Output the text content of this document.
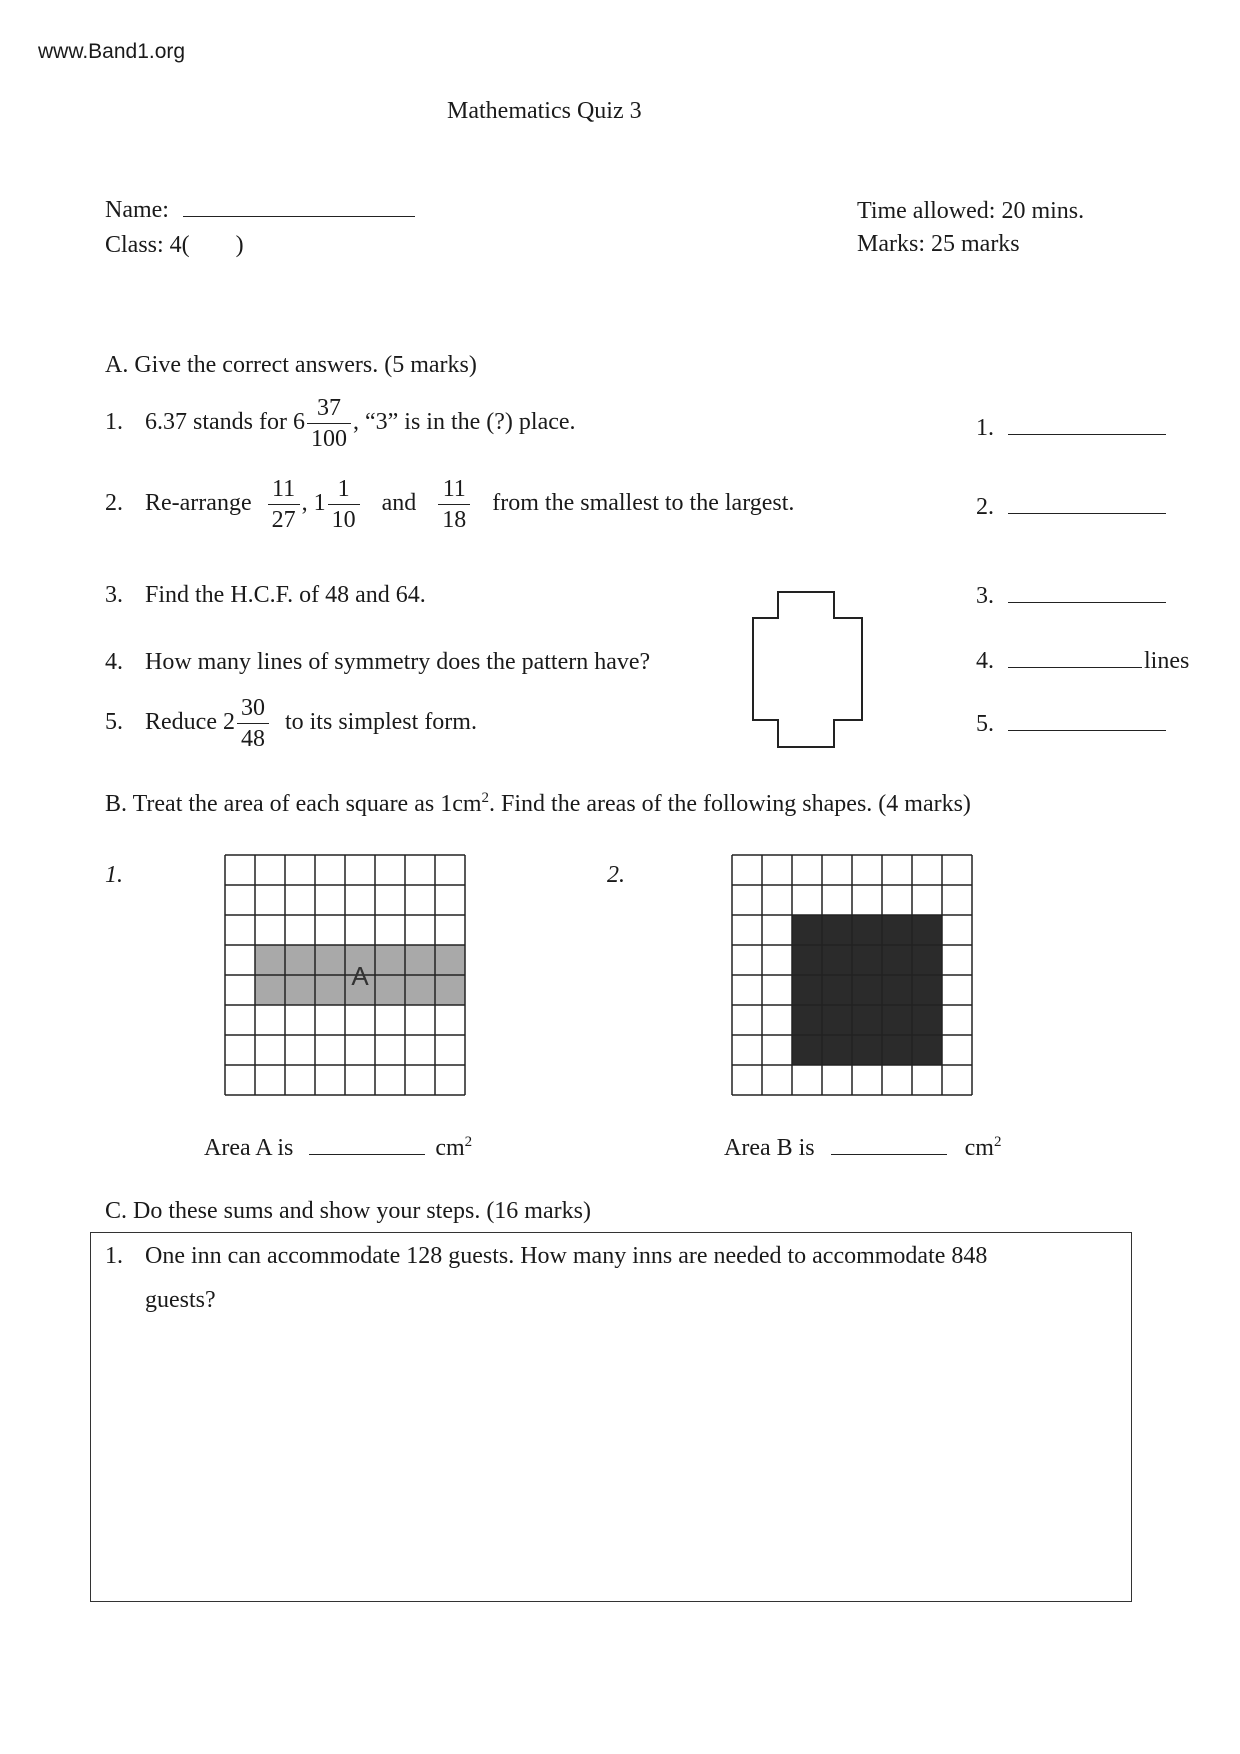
www.Band1.org
Mathematics Quiz 3
Name:
Class: 4( )
Time allowed: 20 mins.
Marks: 25 marks
A. Give the correct answers. (5 marks)
1. 6.37 stands for $6 \frac{37}{100}$ , “3” is in the (?) place.
2. Re-arrange $\frac{11}{27}$ , $1 \frac{1}{10}$ and $\frac{11}{18}$ from the smallest to the largest.
3. Find the H.C.F. of 48 and 64.
4. How many lines of symmetry does the pattern have?
5. Reduce $2 \frac{30}{48}$ to its simplest form.
1.
2.
3.
4.	lines
5.
B. Treat the area of each square as $1cm^2$. Find the areas of the following shapes. (4 marks)
1.	2.
A
Area A is	$cm^2$	Area B is	$cm^2$
C. Do these sums and show your steps. (16 marks)
1. One inn can accommodate 128 guests. How many inns are needed to accommodate 848
guests?
